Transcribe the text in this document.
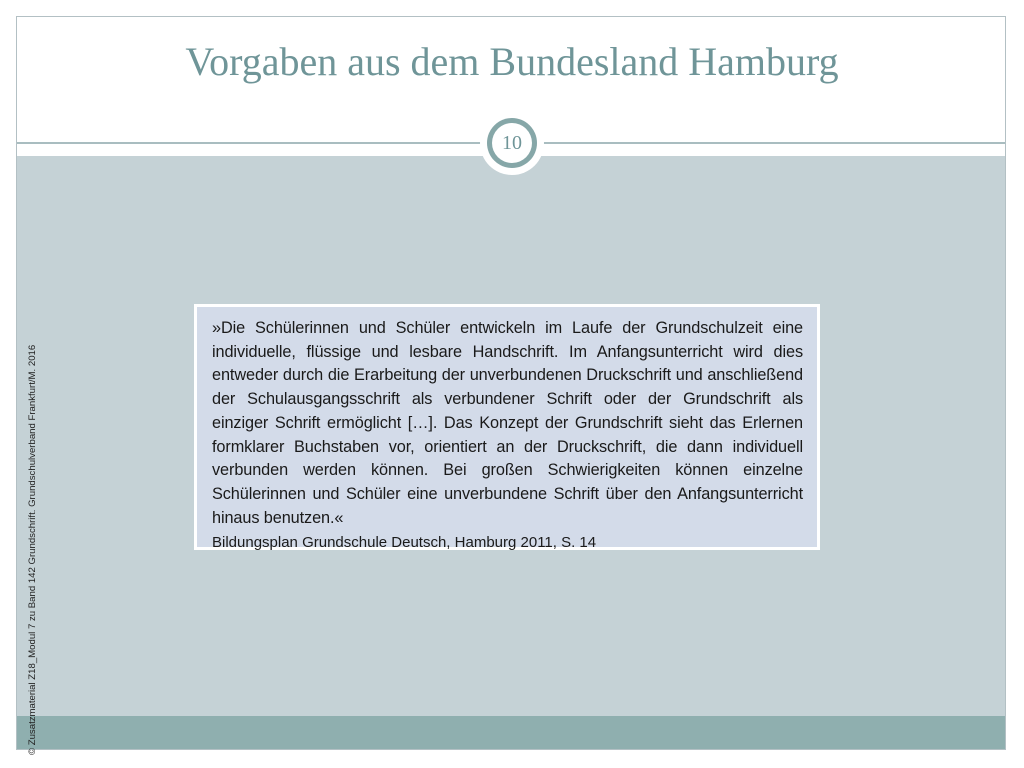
Vorgaben aus dem Bundesland Hamburg
10

»Die Schülerinnen und Schüler entwickeln im Laufe der Grundschulzeit eine individuelle, flüssige und lesbare Handschrift. Im Anfangsunterricht wird dies entweder durch die Erarbeitung der unverbundenen Druckschrift und anschließend der Schulausgangsschrift als verbundener Schrift oder der Grundschrift als einziger Schrift ermöglicht […]. Das Konzept der Grundschrift sieht das Erlernen formklarer Buchstaben vor, orientiert an der Druckschrift, die dann individuell verbunden werden können. Bei großen Schwierigkeiten können einzelne Schülerinnen und Schüler eine unverbundene Schrift über den Anfangsunterricht hinaus benutzen.«

Bildungsplan Grundschule Deutsch, Hamburg 2011, S. 14

© Zusatzmaterial Z18_Modul 7 zu Band 142 Grundschrift. Grundschulverband Frankfurt/M. 2016
